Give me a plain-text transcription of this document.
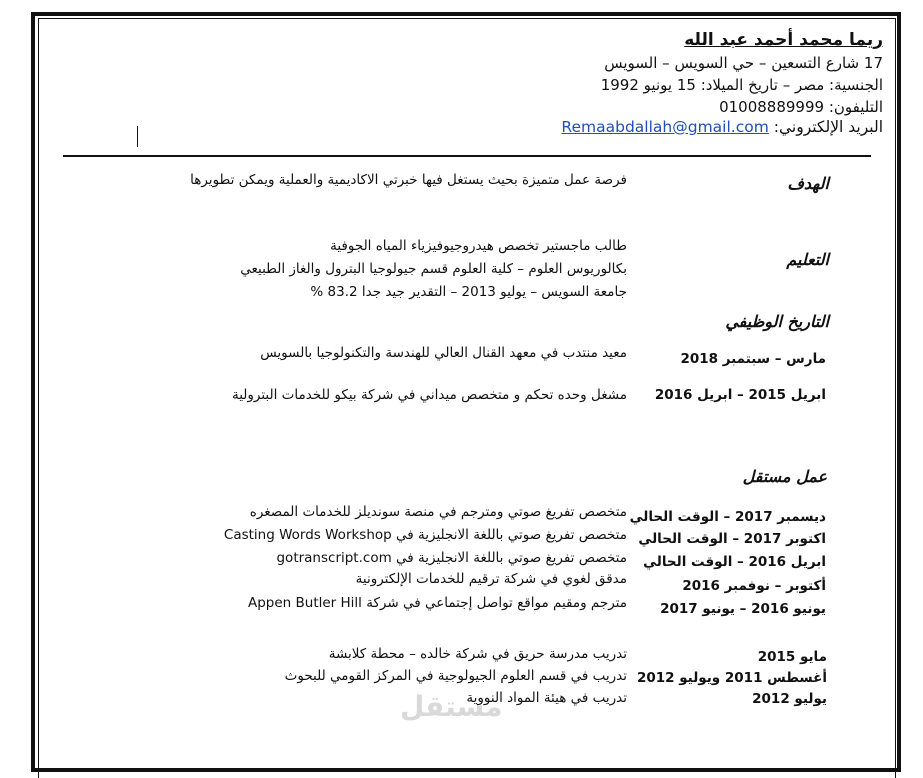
ريما محمد أحمد عبد الله
17 شارع التسعين – حي السويس – السويس
الجنسية: مصر – تاريخ الميلاد: 15 يونيو 1992
التليفون: 01008889999
البريد الإلكتروني: Remaabdallah@gmail.com
الهدف
فرصة عمل متميزة بحيث يستغل فيها خبرتي الاكاديمية والعملية ويمكن تطويرها
التعليم
طالب ماجستير تخصص هيدروجيوفيزياء المياه الجوفية
بكالوريوس العلوم – كلية العلوم قسم جيولوجيا البترول والغاز الطبيعي
جامعة السويس – يوليو 2013 – التقدير جيد جدا 83.2 %
التاريخ الوظيفي
مارس – سبتمبر 2018
معيد منتدب في معهد القنال العالي للهندسة والتكنولوجيا بالسويس
ابريل 2015 – ابريل 2016
مشغل وحده تحكم و متخصص ميداني في شركة بيكو للخدمات البترولية
عمل مستقل
ديسمبر 2017 – الوقت الحالي
متخصص تفريغ صوتي ومترجم في منصة سونديلز للخدمات المصغره
اكتوبر 2017 – الوقت الحالي
متخصص تفريغ صوتي باللغة الانجليزية في Casting Words Workshop
ابريل 2016 – الوقت الحالي
متخصص تفريغ صوتي باللغة الانجليزية في gotranscript.com
أكتوبر – نوفمبر 2016
مدقق لغوي في شركة ترقيم للخدمات الإلكترونية
يونيو 2016 – يونيو 2017
مترجم ومقيم مواقع تواصل إجتماعي في شركة Appen Butler Hill
مايو 2015
تدريب مدرسة حريق في شركة خالده – محطة كلابشة
أغسطس 2011 ويوليو 2012
تدريب في قسم العلوم الجيولوجية في المركز القومي للبحوث
يوليو 2012
تدريب في هيئة المواد النووية
مستقل
